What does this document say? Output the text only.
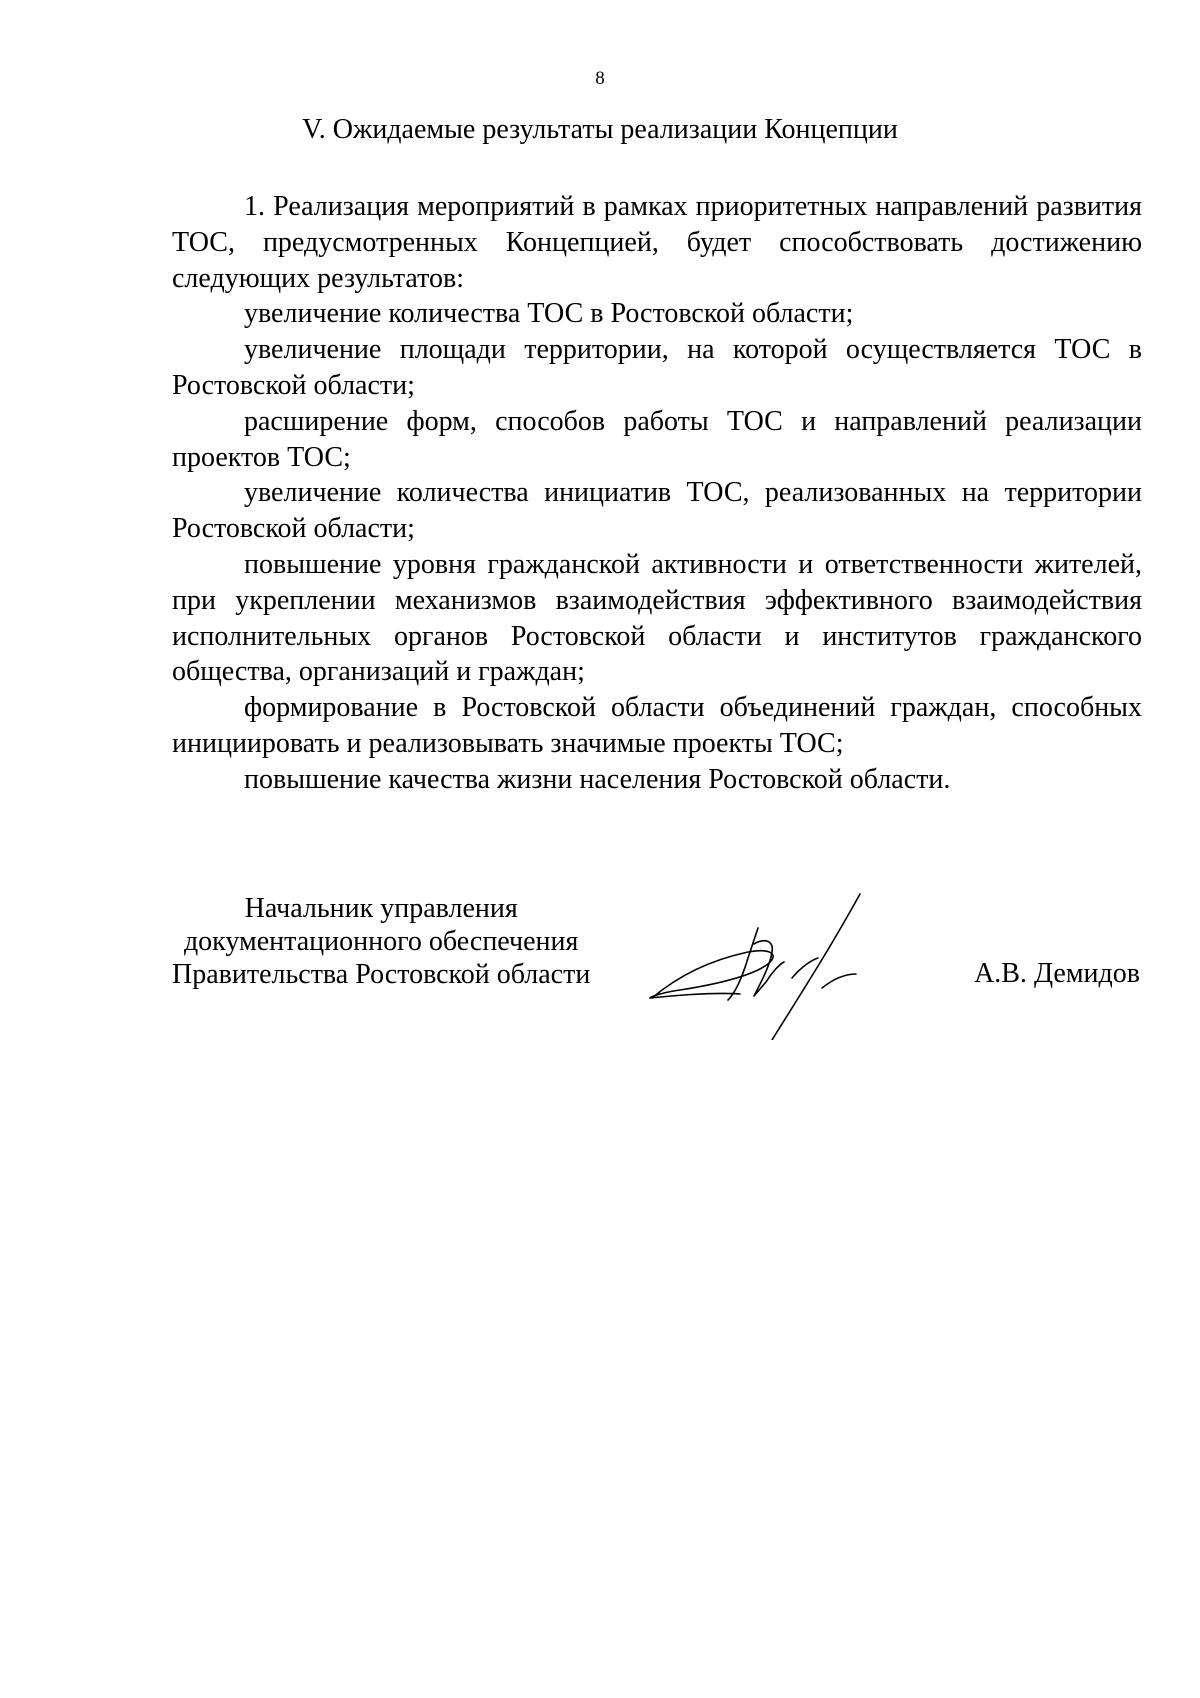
8
V. Ожидаемые результаты реализации Концепции

1. Реализация мероприятий в рамках приоритетных направлений развития ТОС, предусмотренных Концепцией, будет способствовать достижению следующих результатов:

увеличение количества ТОС в Ростовской области;

увеличение площади территории, на которой осуществляется ТОС в Ростовской области;

расширение форм, способов работы ТОС и направлений реализации проектов ТОС;

увеличение количества инициатив ТОС, реализованных на территории Ростовской области;

повышение уровня гражданской активности и ответственности жителей, при укреплении механизмов взаимодействия эффективного взаимодействия исполнительных органов Ростовской области и институтов гражданского общества, организаций и граждан;

формирование в Ростовской области объединений граждан, способных инициировать и реализовывать значимые проекты ТОС;

повышение качества жизни населения Ростовской области.

Начальник управления
документационного обеспечения
Правительства Ростовской области	А.В. Демидов
